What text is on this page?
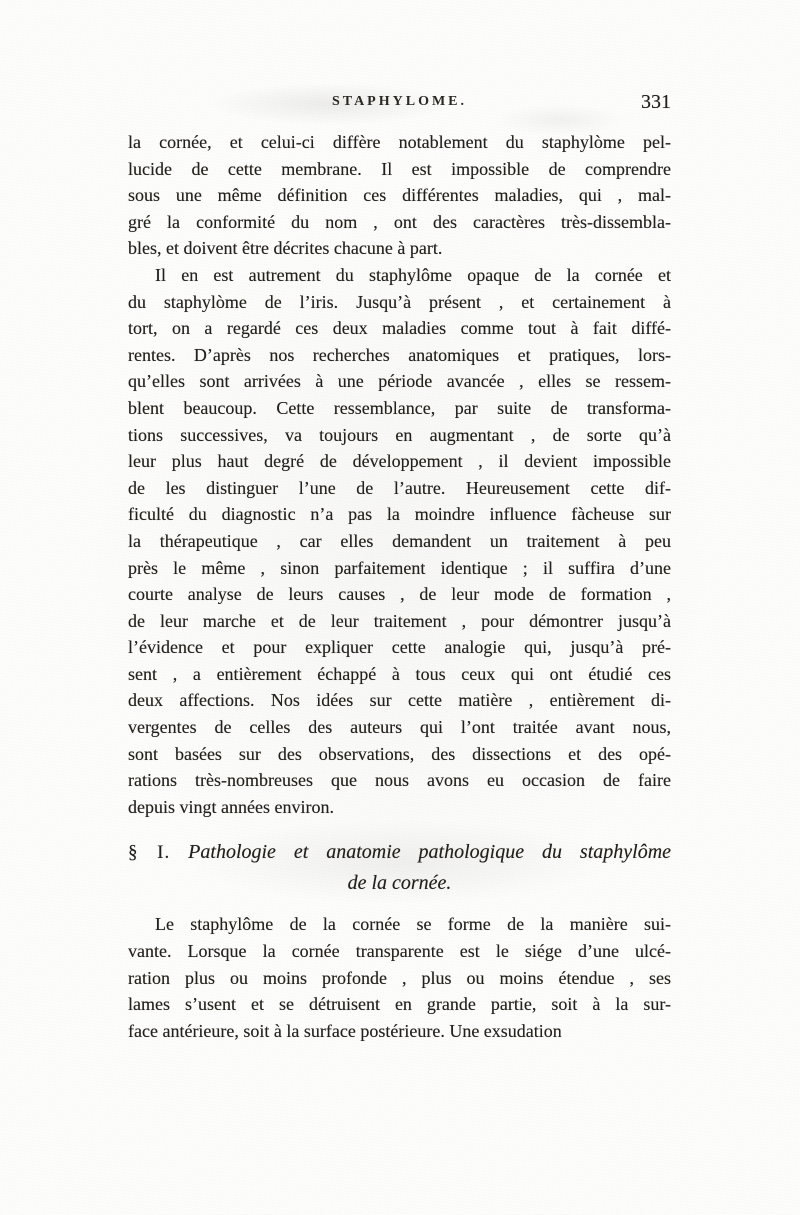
STAPHYLOME.	331
la cornée, et celui-ci diffère notablement du staphylòme pel-
lucide de cette membrane. Il est impossible de comprendre
sous une même définition ces différentes maladies, qui , mal-
gré la conformité du nom , ont des caractères très-dissembla-
bles, et doivent être décrites chacune à part.
Il en est autrement du staphylôme opaque de la cornée et
du staphylòme de l’iris. Jusqu’à présent , et certainement à
tort, on a regardé ces deux maladies comme tout à fait diffé-
rentes. D’après nos recherches anatomiques et pratiques, lors-
qu’elles sont arrivées à une période avancée , elles se ressem-
blent beaucoup. Cette ressemblance, par suite de transforma-
tions successives, va toujours en augmentant , de sorte qu’à
leur plus haut degré de développement , il devient impossible
de les distinguer l’une de l’autre. Heureusement cette dif-
ficulté du diagnostic n’a pas la moindre influence fàcheuse sur
la thérapeutique , car elles demandent un traitement à peu
près le même , sinon parfaitement identique ; il suffira d’une
courte analyse de leurs causes , de leur mode de formation ,
de leur marche et de leur traitement , pour démontrer jusqu’à
l’évidence et pour expliquer cette analogie qui, jusqu’à pré-
sent , a entièrement échappé à tous ceux qui ont étudié ces
deux affections. Nos idées sur cette matière , entièrement di-
vergentes de celles des auteurs qui l’ont traitée avant nous,
sont basées sur des observations, des dissections et des opé-
rations très-nombreuses que nous avons eu occasion de faire
depuis vingt années environ.
§ I. Pathologie et anatomie pathologique du staphylôme
de la cornée.
Le staphylôme de la cornée se forme de la manière sui-
vante. Lorsque la cornée transparente est le siége d’une ulcé-
ration plus ou moins profonde , plus ou moins étendue , ses
lames s’usent et se détruisent en grande partie, soit à la sur-
face antérieure, soit à la surface postérieure. Une exsudation
